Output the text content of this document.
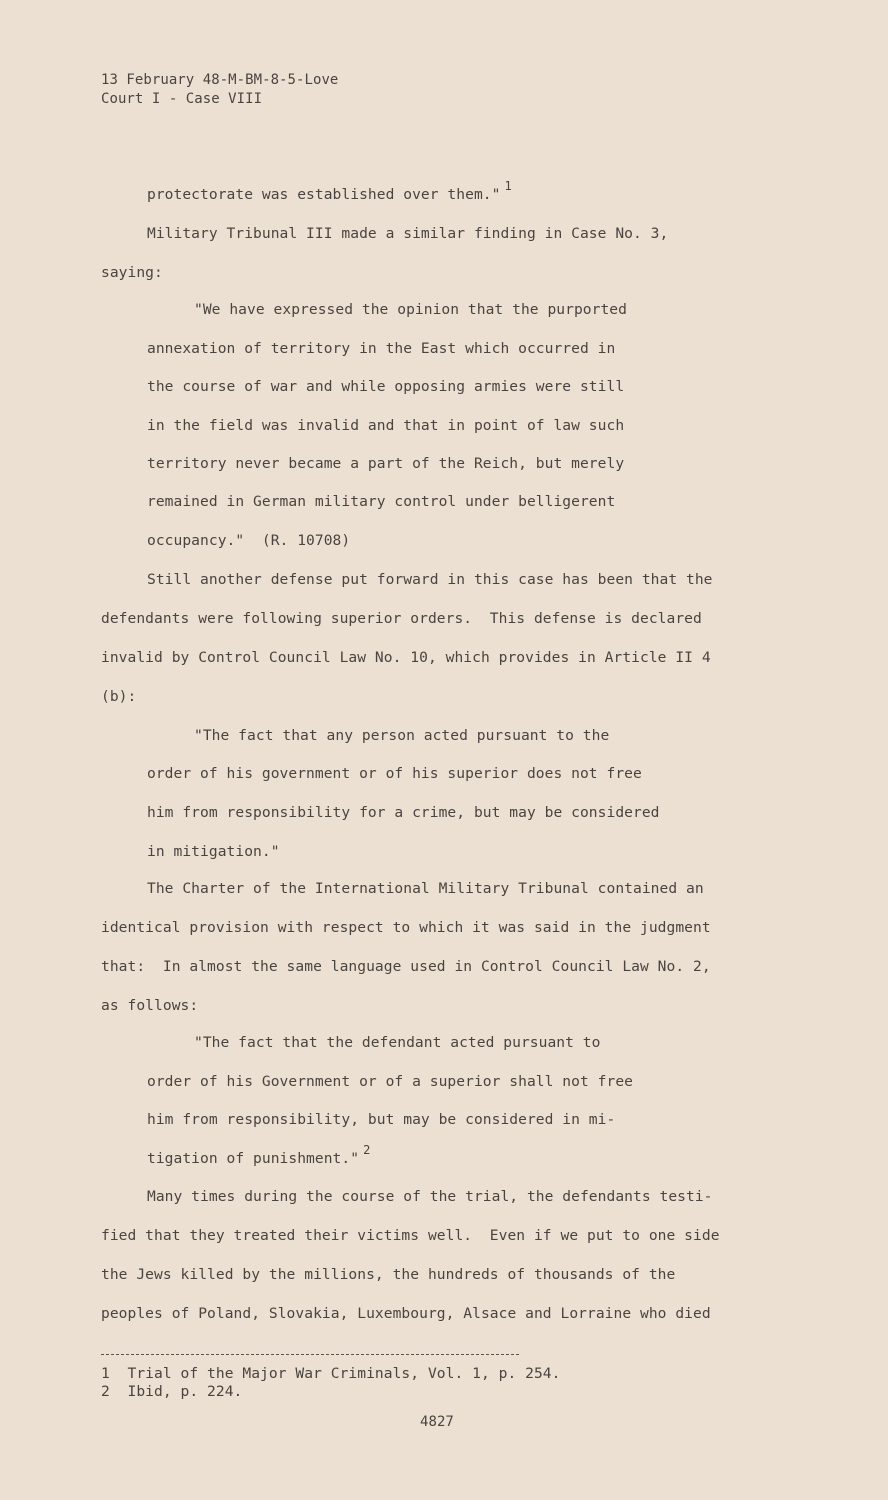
13 February 48-M-BM-8-5-Love
Court I - Case VIII
protectorate was established over them." $^1$
Military Tribunal III made a similar finding in Case No. 3,
saying:
"We have expressed the opinion that the purported
annexation of territory in the East which occurred in
the course of war and while opposing armies were still
in the field was invalid and that in point of law such
territory never became a part of the Reich, but merely
remained in German military control under belligerent
occupancy."  (R. 10708)
Still another defense put forward in this case has been that the
defendants were following superior orders.  This defense is declared
invalid by Control Council Law No. 10, which provides in Article II 4
(b):
"The fact that any person acted pursuant to the
order of his government or of his superior does not free
him from responsibility for a crime, but may be considered
in mitigation."
The Charter of the International Military Tribunal contained an
identical provision with respect to which it was said in the judgment
that:  In almost the same language used in Control Council Law No. 2,
as follows:
"The fact that the defendant acted pursuant to
order of his Government or of a superior shall not free
him from responsibility, but may be considered in mi-
tigation of punishment." $^2$
Many times during the course of the trial, the defendants testi-
fied that they treated their victims well.  Even if we put to one side
the Jews killed by the millions, the hundreds of thousands of the
peoples of Poland, Slovakia, Luxembourg, Alsace and Lorraine who died
1  Trial of the Major War Criminals, Vol. 1, p. 254.
2  Ibid, p. 224.
4827
